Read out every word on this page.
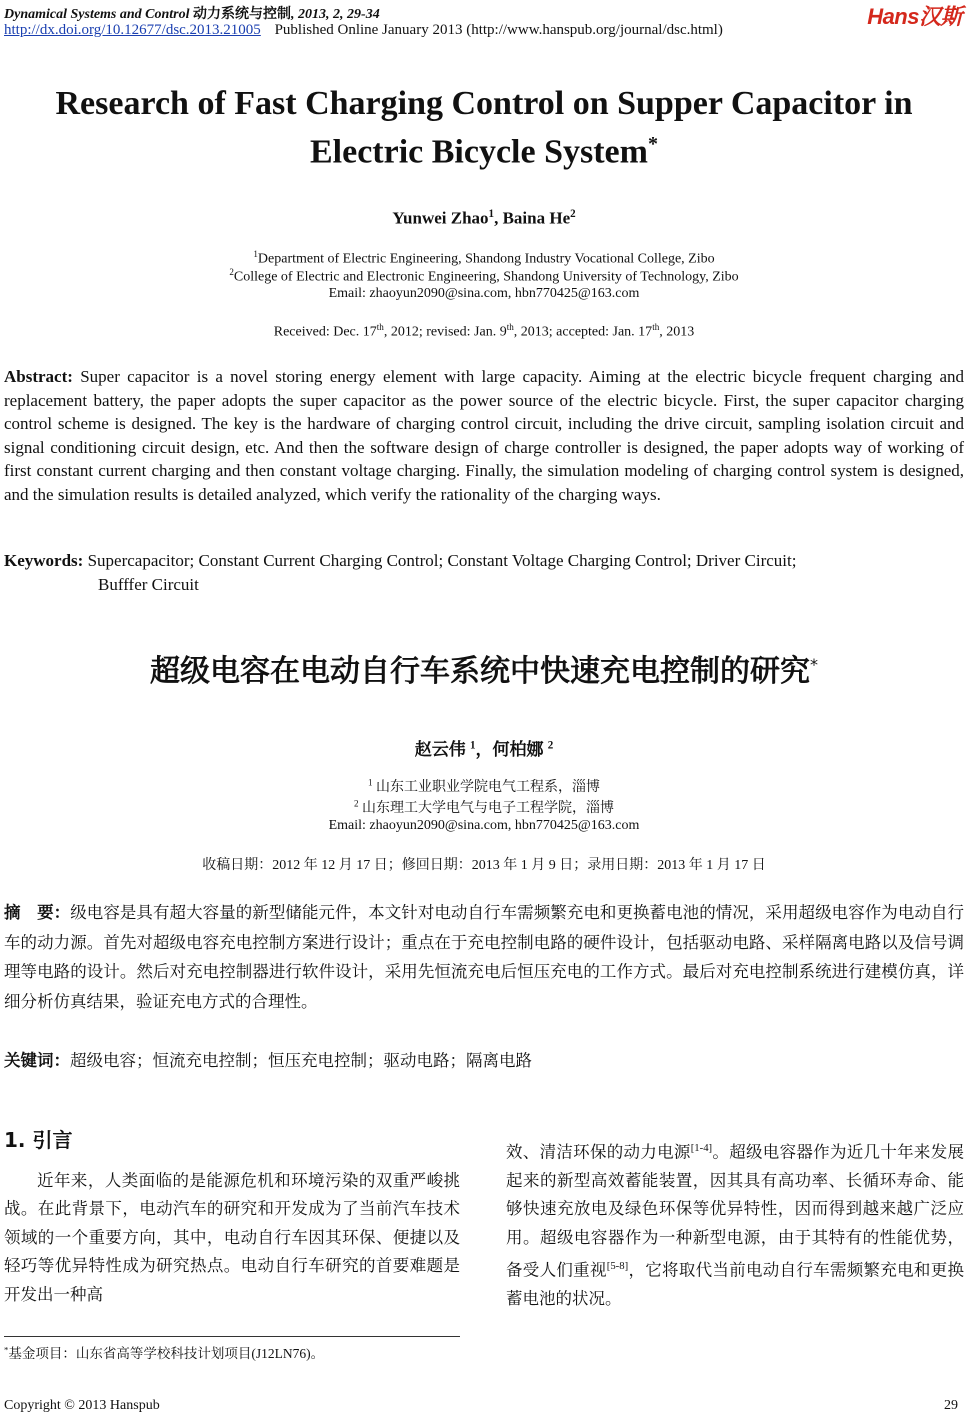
Dynamical Systems and Control 动力系统与控制, 2013, 2, 29-34
http://dx.doi.org/10.12677/dsc.2013.21005 Published Online January 2013 (http://www.hanspub.org/journal/dsc.html)
Hans汉斯
Research of Fast Charging Control on Supper Capacitor in
Electric Bicycle System*
Yunwei Zhao$^1$, Baina He$^2$
$^1$Department of Electric Engineering, Shandong Industry Vocational College, Zibo
$^2$College of Electric and Electronic Engineering, Shandong University of Technology, Zibo
Email: zhaoyun2090@sina.com, hbn770425@163.com
Received: Dec. 17th, 2012; revised: Jan. 9th, 2013; accepted: Jan. 17th, 2013
Abstract: Super capacitor is a novel storing energy element with large capacity. Aiming at the electric bicycle frequent charging and replacement battery, the paper adopts the super capacitor as the power source of the electric bicycle. First, the super capacitor charging control scheme is designed. The key is the hardware of charging control circuit, including the drive circuit, sampling isolation circuit and signal conditioning circuit design, etc. And then the software design of charge controller is designed, the paper adopts way of working of first constant current charging and then constant voltage charging. Finally, the simulation modeling of charging control system is designed, and the simulation results is detailed analyzed, which verify the rationality of the charging ways.
Keywords: Supercapacitor; Constant Current Charging Control; Constant Voltage Charging Control; Driver Circuit;
Bufffer Circuit
超级电容在电动自行车系统中快速充电控制的研究*
赵云伟 $^1$，何柏娜 $^2$
$^1$ 山东工业职业学院电气工程系，淄博
$^2$ 山东理工大学电气与电子工程学院，淄博
Email: zhaoyun2090@sina.com, hbn770425@163.com
收稿日期：2012 年 12 月 17 日；修回日期：2013 年 1 月 9 日；录用日期：2013 年 1 月 17 日
摘　要：级电容是具有超大容量的新型储能元件，本文针对电动自行车需频繁充电和更换蓄电池的情况，采用超级电容作为电动自行车的动力源。首先对超级电容充电控制方案进行设计；重点在于充电控制电路的硬件设计，包括驱动电路、采样隔离电路以及信号调理等电路的设计。然后对充电控制器进行软件设计，采用先恒流充电后恒压充电的工作方式。最后对充电控制系统进行建模仿真，详细分析仿真结果，验证充电方式的合理性。
关键词：超级电容；恒流充电控制；恒压充电控制；驱动电路；隔离电路
1. 引言
近年来，人类面临的是能源危机和环境污染的双重严峻挑战。在此背景下，电动汽车的研究和开发成为了当前汽车技术领域的一个重要方向，其中，电动自行车因其环保、便捷以及轻巧等优异特性成为研究热点。电动自行车研究的首要难题是开发出一种高
效、清洁环保的动力电源[1-4]。超级电容器作为近几十年来发展起来的新型高效蓄能装置，因其具有高功率、长循环寿命、能够快速充放电及绿色环保等优异特性，因而得到越来越广泛应用。超级电容器作为一种新型电源，由于其特有的性能优势，备受人们重视[5-8]，它将取代当前电动自行车需频繁充电和更换蓄电池的状况。
*基金项目：山东省高等学校科技计划项目(J12LN76)。
Copyright © 2013 Hanspub	29
